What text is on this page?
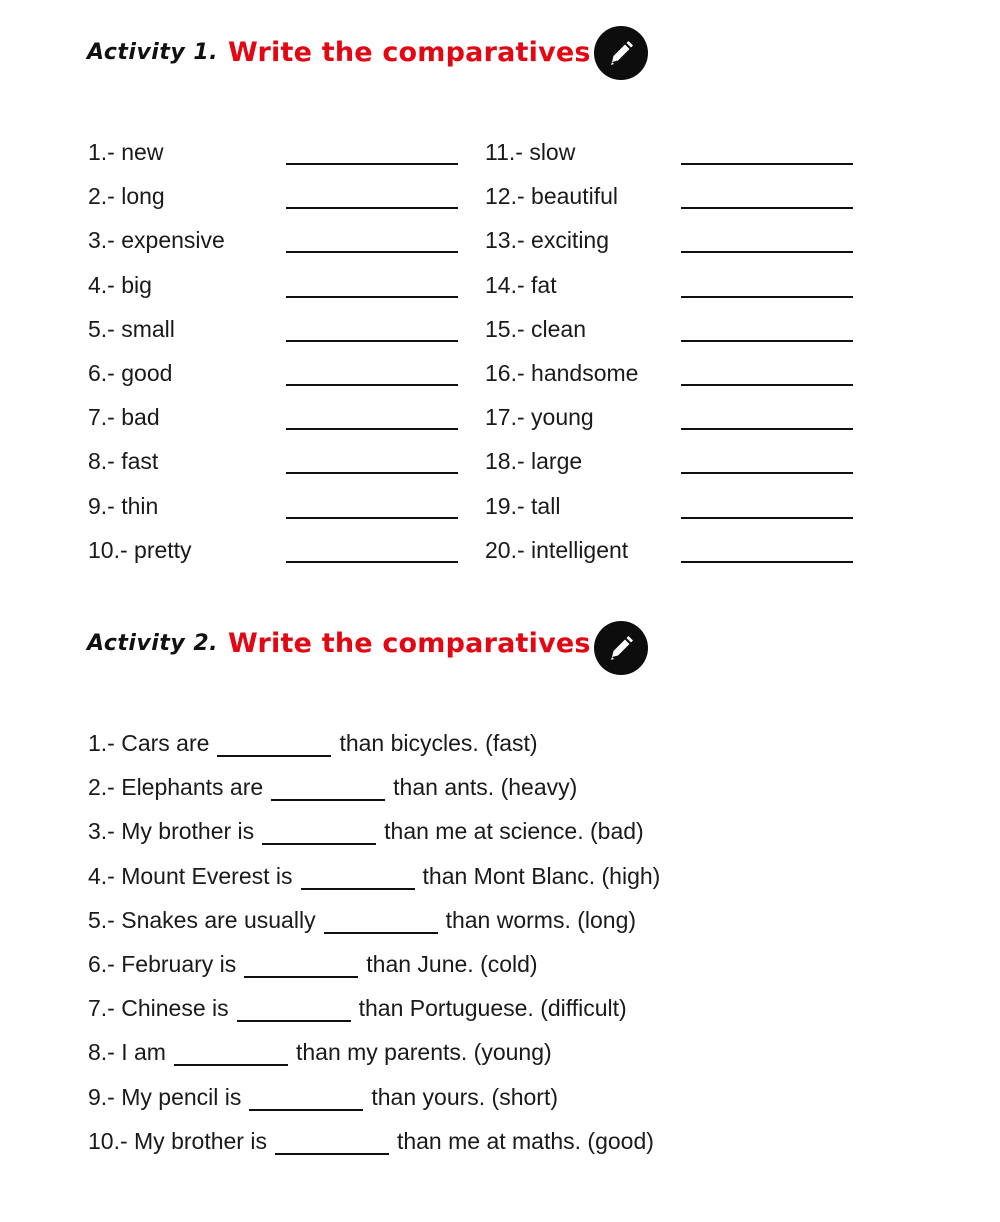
Activity 1. Write the comparatives
1.- new
2.- long
3.- expensive
4.- big
5.- small
6.- good
7.- bad
8.- fast
9.- thin
10.- pretty
11.- slow
12.- beautiful
13.- exciting
14.- fat
15.- clean
16.- handsome
17.- young
18.- large
19.- tall
20.- intelligent
Activity 2. Write the comparatives
1.- Cars are	than bicycles. (fast)
2.- Elephants are	than ants. (heavy)
3.- My brother is	than me at science. (bad)
4.- Mount Everest is	than Mont Blanc. (high)
5.- Snakes are usually	than worms. (long)
6.- February is	than June. (cold)
7.- Chinese is	than Portuguese. (difficult)
8.- I am	than my parents. (young)
9.- My pencil is	than yours. (short)
10.- My brother is	than me at maths. (good)
